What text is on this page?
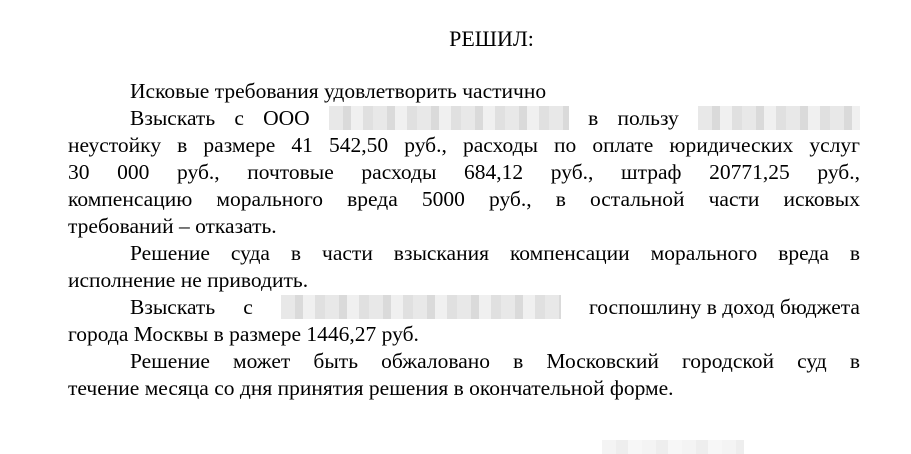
РЕШИЛ:
Исковые требования удовлетворить частично
Взыскать с ООО	в пользу
неустойку в размере 41 542,50 руб., расходы по оплате юридических услуг
30 000 руб., почтовые расходы 684,12 руб., штраф 20771,25 руб.,
компенсацию морального вреда 5000 руб., в остальной части исковых
требований – отказать.
Решение суда в части взыскания компенсации морального вреда в
исполнение не приводить.
Взыскать с	госпошлину в доход бюджета
города Москвы в размере 1446,27 руб.
Решение может быть обжаловано в Московский городской суд в
течение месяца со дня принятия решения в окончательной форме.
